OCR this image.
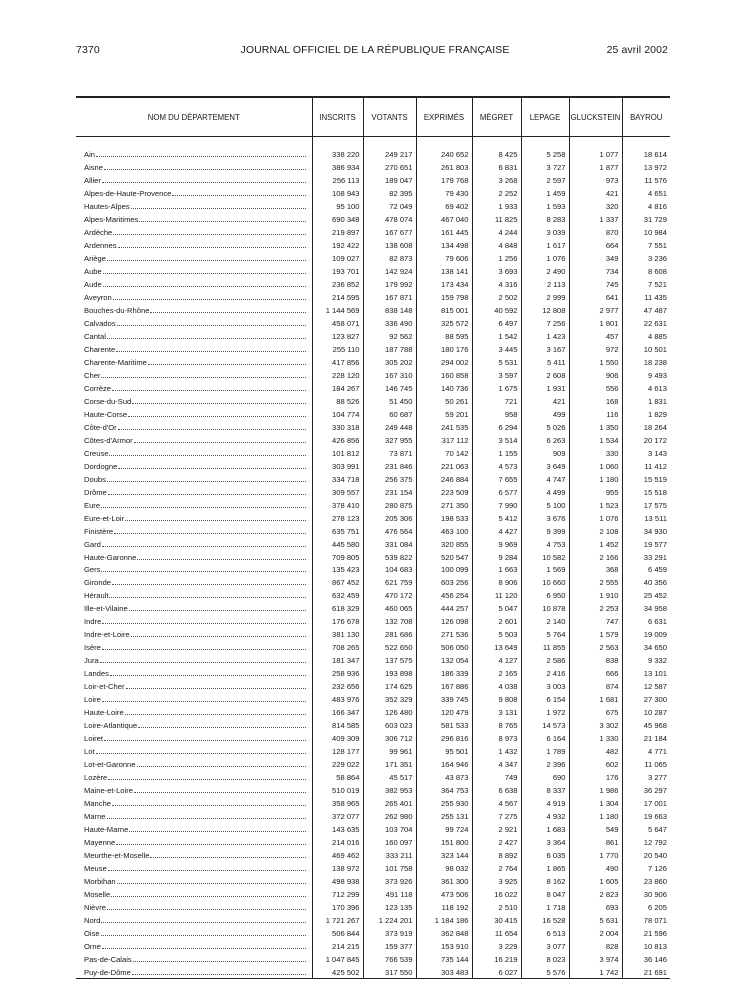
7370	JOURNAL OFFICIEL DE LA RÉPUBLIQUE FRANÇAISE	25 avril 2002
NOM DU DÉPARTEMENT	INSCRITS	VOTANTS	EXPRIMÉS	MÉGRET	LEPAGE	GLUCKSTEIN	BAYROU

Ain	338 220	249 217	240 652	8 425	5 258	1 077	18 614

Aisne	386 934	270 651	261 803	6 831	3 727	1 877	13 972

Allier	256 113	189 047	179 768	3 268	2 597	973	11 576

Alpes-de-Haute-Provence	108 943	82 395	79 430	2 252	1 459	421	4 651

Hautes-Alpes	95 100	72 049	69 402	1 933	1 593	320	4 816

Alpes-Maritimes	690 348	478 074	467 040	11 825	8 283	1 337	31 729

Ardèche	219 897	167 677	161 445	4 244	3 039	870	10 984

Ardennes	192 422	138 608	134 498	4 848	1 617	664	7 551

Ariège	109 027	82 873	79 606	1 256	1 076	349	3 236

Aube	193 701	142 924	138 141	3 693	2 490	734	8 608

Aude	236 852	179 992	173 434	4 316	2 113	745	7 521

Aveyron	214 595	167 871	159 798	2 502	2 999	641	11 435

Bouches-du-Rhône	1 144 569	838 148	815 001	40 592	12 808	2 977	47 487

Calvados	458 071	336 490	325 572	6 497	7 256	1 801	22 631

Cantal	123 827	92 562	88 595	1 542	1 423	457	4 885

Charente	255 110	187 788	180 176	3 445	3 167	972	10 501

Charente-Maritime	417 856	305 202	294 002	5 531	5 411	1 550	18 238

Cher	228 120	167 310	160 858	3 597	2 608	906	9 493

Corrèze	184 267	146 745	140 736	1 675	1 931	556	4 613

Corse-du-Sud	88 526	51 450	50 261	721	421	168	1 831

Haute-Corse	104 774	60 687	59 201	958	499	116	1 829

Côte-d'Or	330 318	249 448	241 535	6 294	5 026	1 350	18 264

Côtes-d'Armor	426 856	327 955	317 112	3 514	6 263	1 534	20 172

Creuse	101 812	73 871	70 142	1 155	909	330	3 143

Dordogne	303 991	231 846	221 063	4 573	3 649	1 060	11 412

Doubs	334 718	256 375	246 884	7 655	4 747	1 180	15 519

Drôme	309 557	231 154	223 509	6 577	4 499	955	15 518

Eure	378 410	280 875	271 350	7 990	5 100	1 523	17 575

Eure-et-Loir	278 123	205 306	198 533	5 412	3 676	1 076	13 511

Finistère	635 751	476 564	463 100	4 427	9 399	2 108	34 930

Gard	445 580	331 084	320 855	9 969	4 753	1 452	19 577

Haute-Garonne	709 805	539 822	520 547	9 284	10 582	2 166	33 291

Gers	135 423	104 683	100 099	1 663	1 569	368	6 459

Gironde	867 452	621 759	603 256	8 906	10 660	2 555	40 356

Hérault	632 459	470 172	456 254	11 120	6 950	1 910	25 452

Ille-et-Vilaine	618 329	460 065	444 257	5 047	10 878	2 253	34 958

Indre	176 678	132 708	126 098	2 601	2 140	747	6 631

Indre-et-Loire	381 130	281 686	271 536	5 503	5 764	1 579	19 009

Isère	708 265	522 650	506 050	13 649	11 855	2 563	34 650

Jura	181 347	137 575	132 054	4 127	2 586	838	9 332

Landes	258 936	193 898	186 339	2 165	2 416	666	13 101

Loir-et-Cher	232 656	174 625	167 886	4 038	3 003	874	12 587

Loire	483 976	352 329	339 745	9 808	6 154	1 681	27 300

Haute-Loire	166 347	126 480	120 479	3 131	1 972	675	10 287

Loire-Atlantique	814 585	603 023	581 533	8 765	14 573	3 302	45 968

Loiret	409 309	306 712	296 816	8 973	6 164	1 330	21 184

Lot	128 177	99 961	95 501	1 432	1 789	482	4 771

Lot-et-Garonne	229 022	171 351	164 946	4 347	2 396	602	11 065

Lozère	58 864	45 517	43 873	749	690	176	3 277

Maine-et-Loire	510 019	382 953	364 753	6 638	8 337	1 986	36 297

Manche	358 965	265 401	255 930	4 567	4 919	1 304	17 001

Marne	372 077	262 980	255 131	7 275	4 932	1 180	19 663

Haute-Marne	143 635	103 704	99 724	2 921	1 683	549	5 647

Mayenne	214 016	160 097	151 800	2 427	3 364	861	12 792

Meurthe-et-Moselle	469 462	333 211	323 144	8 892	6 035	1 770	20 540

Meuse	138 972	101 758	98 032	2 764	1 865	490	7 126

Morbihan	498 938	373 926	361 300	3 925	8 162	1 605	23 860

Moselle	712 299	491 118	473 506	16 022	8 047	2 823	30 906

Nièvre	170 396	123 135	118 192	2 510	1 718	693	6 205

Nord	1 721 267	1 224 201	1 184 186	30 415	16 528	5 631	78 071

Oise	506 844	373 919	362 848	11 654	6 513	2 004	21 596

Orne	214 215	159 377	153 910	3 229	3 077	828	10 813

Pas-de-Calais	1 047 845	766 539	735 144	16 219	8 023	3 974	36 146

Puy-de-Dôme	425 502	317 550	303 483	6 027	5 576	1 742	21 691
